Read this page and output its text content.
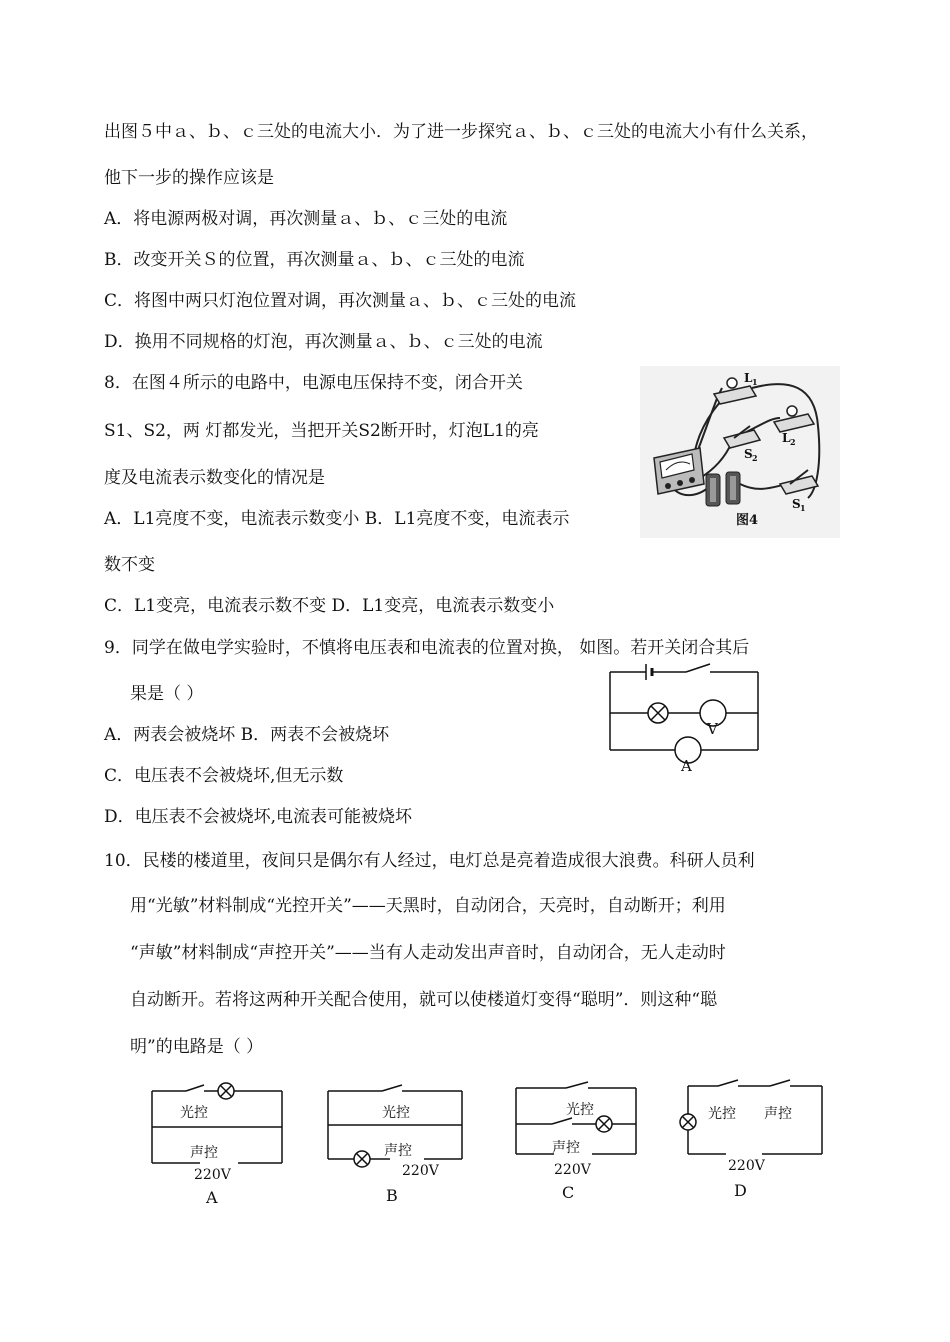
出图５中ａ、ｂ、ｃ三处的电流大小．为了进一步探究ａ、ｂ、ｃ三处的电流大小有什么关系，
他下一步的操作应该是
A．将电源两极对调，再次测量ａ、ｂ、ｃ三处的电流
B．改变开关Ｓ的位置，再次测量ａ、ｂ、ｃ三处的电流
C．将图中两只灯泡位置对调，再次测量ａ、ｂ、ｃ三处的电流
D．换用不同规格的灯泡，再次测量ａ、ｂ、ｃ三处的电流
8．在图４所示的电路中，电源电压保持不变，闭合开关
S1、S2，两 灯都发光，当把开关S2断开时，灯泡L1的亮
度及电流表示数变化的情况是
A．L1亮度不变，电流表示数变小 B．L1亮度不变，电流表示
数不变
C．L1变亮，电流表示数不变 D．L1变亮，电流表示数变小
L 1
L 2
S 2
S 1
图4
9．同学在做电学实验时，不慎将电压表和电流表的位置对换， 如图。若开关闭合其后
果是（ ）
A．两表会被烧坏 B．两表不会被烧坏
C．电压表不会被烧坏,但无示数
D．电压表不会被烧坏,电流表可能被烧坏
V
A
10．民楼的楼道里，夜间只是偶尔有人经过，电灯总是亮着造成很大浪费。科研人员利
用“光敏”材料制成“光控开关”——天黑时，自动闭合，天亮时，自动断开；利用
“声敏”材料制成“声控开关”——当有人走动发出声音时，自动闭合，无人走动时
自动断开。若将这两种开关配合使用，就可以使楼道灯变得“聪明”．则这种“聪
明”的电路是（ ）
光控
声控
220V
A
光控
声控
220V
B
光控
声控
220V
C
光控 声控
220V
D
